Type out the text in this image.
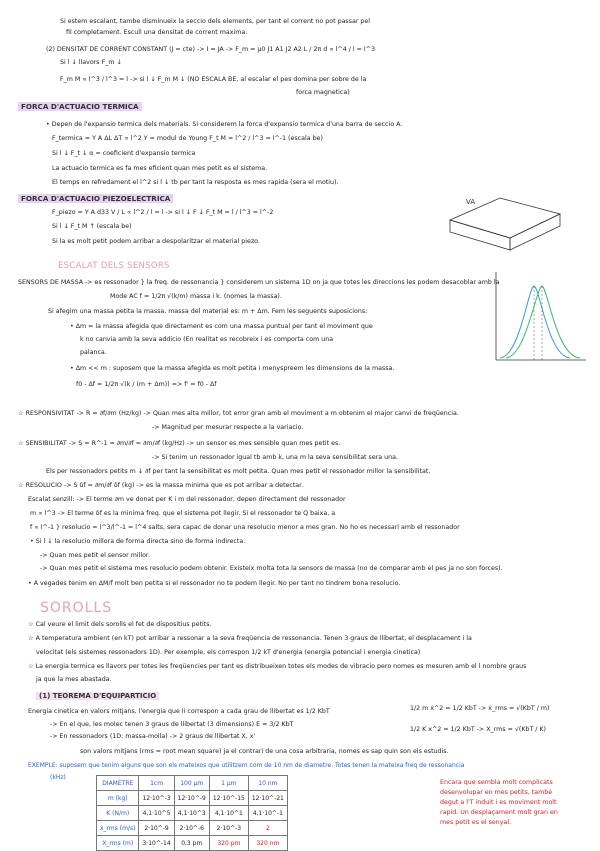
Si estem escalant, tambe disminueix la seccio dels elements, per tant el corrent no pot passar pel
fil completament. Escull una densitat de corrent maxima.
(2) DENSITAT DE CORRENT CONSTANT (J = cte) -> I = JA -> F_m = μ0 J1 A1 J2 A2 L / 2π d ∝ l^4 / l = l^3
Si l ↓ llavors F_m ↓
F_m M ∝ l^3 / l^3 = l -> si l ↓ F_m M ↓ (NO ESCALA BE, al escalar el pes domina per sobre de la
forca magnetica)
FORCA D'ACTUACIO TERMICA
• Depen de l'expansio termica dels materials. Si considerem la forca d'expansio termica d'una barra de seccio A.
F_termica = Y A ΔL ΔT ∝ l^2 Y = modul de Young F_t M = l^2 / l^3 = l^-1 (escala be)
Si l ↓ F_t ↓ α = coeficient d'expansio termica
La actuacio termica es fa mes eficient quan mes petit es el sistema.
El temps en refredament el l^2 si l ↓ tb per tant la resposta es mes rapida (sera el motiu).
FORCA D'ACTUACIO PIEZOELECTRICA
F_piezo = Y A d33 V / L ∝ l^2 / l = l -> si l ↓ F ↓ F_t M = l / l^3 = l^-2
Si l ↓ F_t M ↑ (escala be)
Si la es molt petit podem arribar a despolaritzar el material piezo.
VA
ESCALAT DELS SENSORS
SENSORS DE MASSA -> es ressonador } la freq. de ressonancia } considerem un sistema 1D on ja que totes les direccions les podem desacoblar amb la
Mode AC f = 1/2π √(k/m) massa i k. (nomes la massa).
Si afegim una massa petita la massa, massa del material es: m + Δm. Fem les seguents suposicions:
• Δm = la massa afegida que directament es com una massa puntual per tant el moviment que
k no canvia amb la seva addicio (En realitat es recobreix i es comporta com una
palanca.
• Δm << m : suposem que la massa afegida es molt petita i menyspreem les dimensions de la massa.
f0 - Δf = 1/2π √(k / (m + Δm)) => f' = f0 - Δf
☆ RESPONSIVITAT -> R = ∂f/∂m (Hz/kg) -> Quan mes alta millor, tot error gran amb el moviment a m obtenim el major canvi de freqüencia.
-> Magnitud per mesurar respecte a la variacio.
☆ SENSIBILITAT -> S = R^-1 = ∂m/∂f = ∂m/∂f (kg/Hz) -> un sensor es mes sensible quan mes petit es.
-> Si tenim un ressonador igual tb amb k, una m la seva sensibilitat sera una.
Els per ressonadors petits m ↓ ∂f per tant la sensibilitat es molt petita. Quan mes petit el ressonador millor la sensibilitat.
☆ RESOLUCIO -> S δf = ∂m/∂f δf (kg) -> es la massa minima que es pot arribar a detectar.
Escalat senzill: -> El terme ∂m ve donat per K i m del ressonador, depen directament del ressonador
m ∝ l^3 -> El terme δf es la minima freq. que el sistema pot llegir. Si el ressonador te Q baixa, a
f ∝ l^-1 } resolucio = l^3/l^-1 = l^4 salts, sera capac de donar una resolucio menor a mes gran. No ho es necessari amb el ressonador
• Si l ↓ la resolucio millora de forma directa sino de forma indirecta.
-> Quan mes petit el sensor millor.
-> Quan mes petit el sistema mes resolucio podem obtenir. Existeix molta tota la sensors de massa (no de comparar amb el pes ja no son forces).
• A vegades tenim en ΔM/f molt ben petita si el ressonador no te podem llegir. No per tant no tindrem bona resolucio.
SOROLLS
☆ Cal veure el limit dels sorolls el fet de dispositius petits.
☆ A temperatura ambient (en kT) pot arribar a ressonar a la seva freqüencia de ressonancia. Tenen 3 graus de llibertat, el desplacament i la
velocitat (els sistemes ressonadors 1D). Per exemple, els correspon 1/2 kT d'energia (energia potencial i energia cinetica)
☆ La energia termica es llavors per totes les freqüencies per tant es distribueixen totes els modes de vibracio pero nomes es mesuren amb el l nombre graus
ja que la mes abastada.
(1) TEOREMA D'EQUIPARTICIO
Energia cinetica en valors mitjans, l'energia que li correspon a cada grau de llibertat es 1/2 KbT
-> En el que, les molec tenen 3 graus de llibertat (3 dimensions) E = 3/2 KbT
-> En ressonadors (1D: massa-molla) -> 2 graus de llibertat X, x'
son valors mitjans (rms = root mean square) ja el contrari de una cosa arbitraria, nomes es sap quin son els estudis.
1/2 m ẋ^2 = 1/2 KbT -> ẋ_rms = √(KbT / m)
1/2 K x^2 = 1/2 KbT -> X_rms = √(KbT / K)
EXEMPLE: suposem que tenim alguns que son els mateixos que utilitzem com de 10 nm de diametre. Totes tenen la mateixa freq de ressonancia
(kHz)
DIAMETRE	1cm	100 μm	1 μm	10 nm
m (kg)	12·10^-3	12·10^-9	12·10^-15	12·10^-21
K (N/m)	4,1·10^5	4,1·10^3	4,1·10^1	4,1·10^-1
ẋ_rms (m/s)	2·10^-9	2·10^-6	2·10^-3	2
X_rms (m)	3·10^-14	0,3 pm	320 pm	320 nm
Encara que sembla molt complicats desenvolupar en mes petits, també degut a l'T induit i es moviment molt rapid. Un desplaçament molt gran en mes petit es el senyal.
